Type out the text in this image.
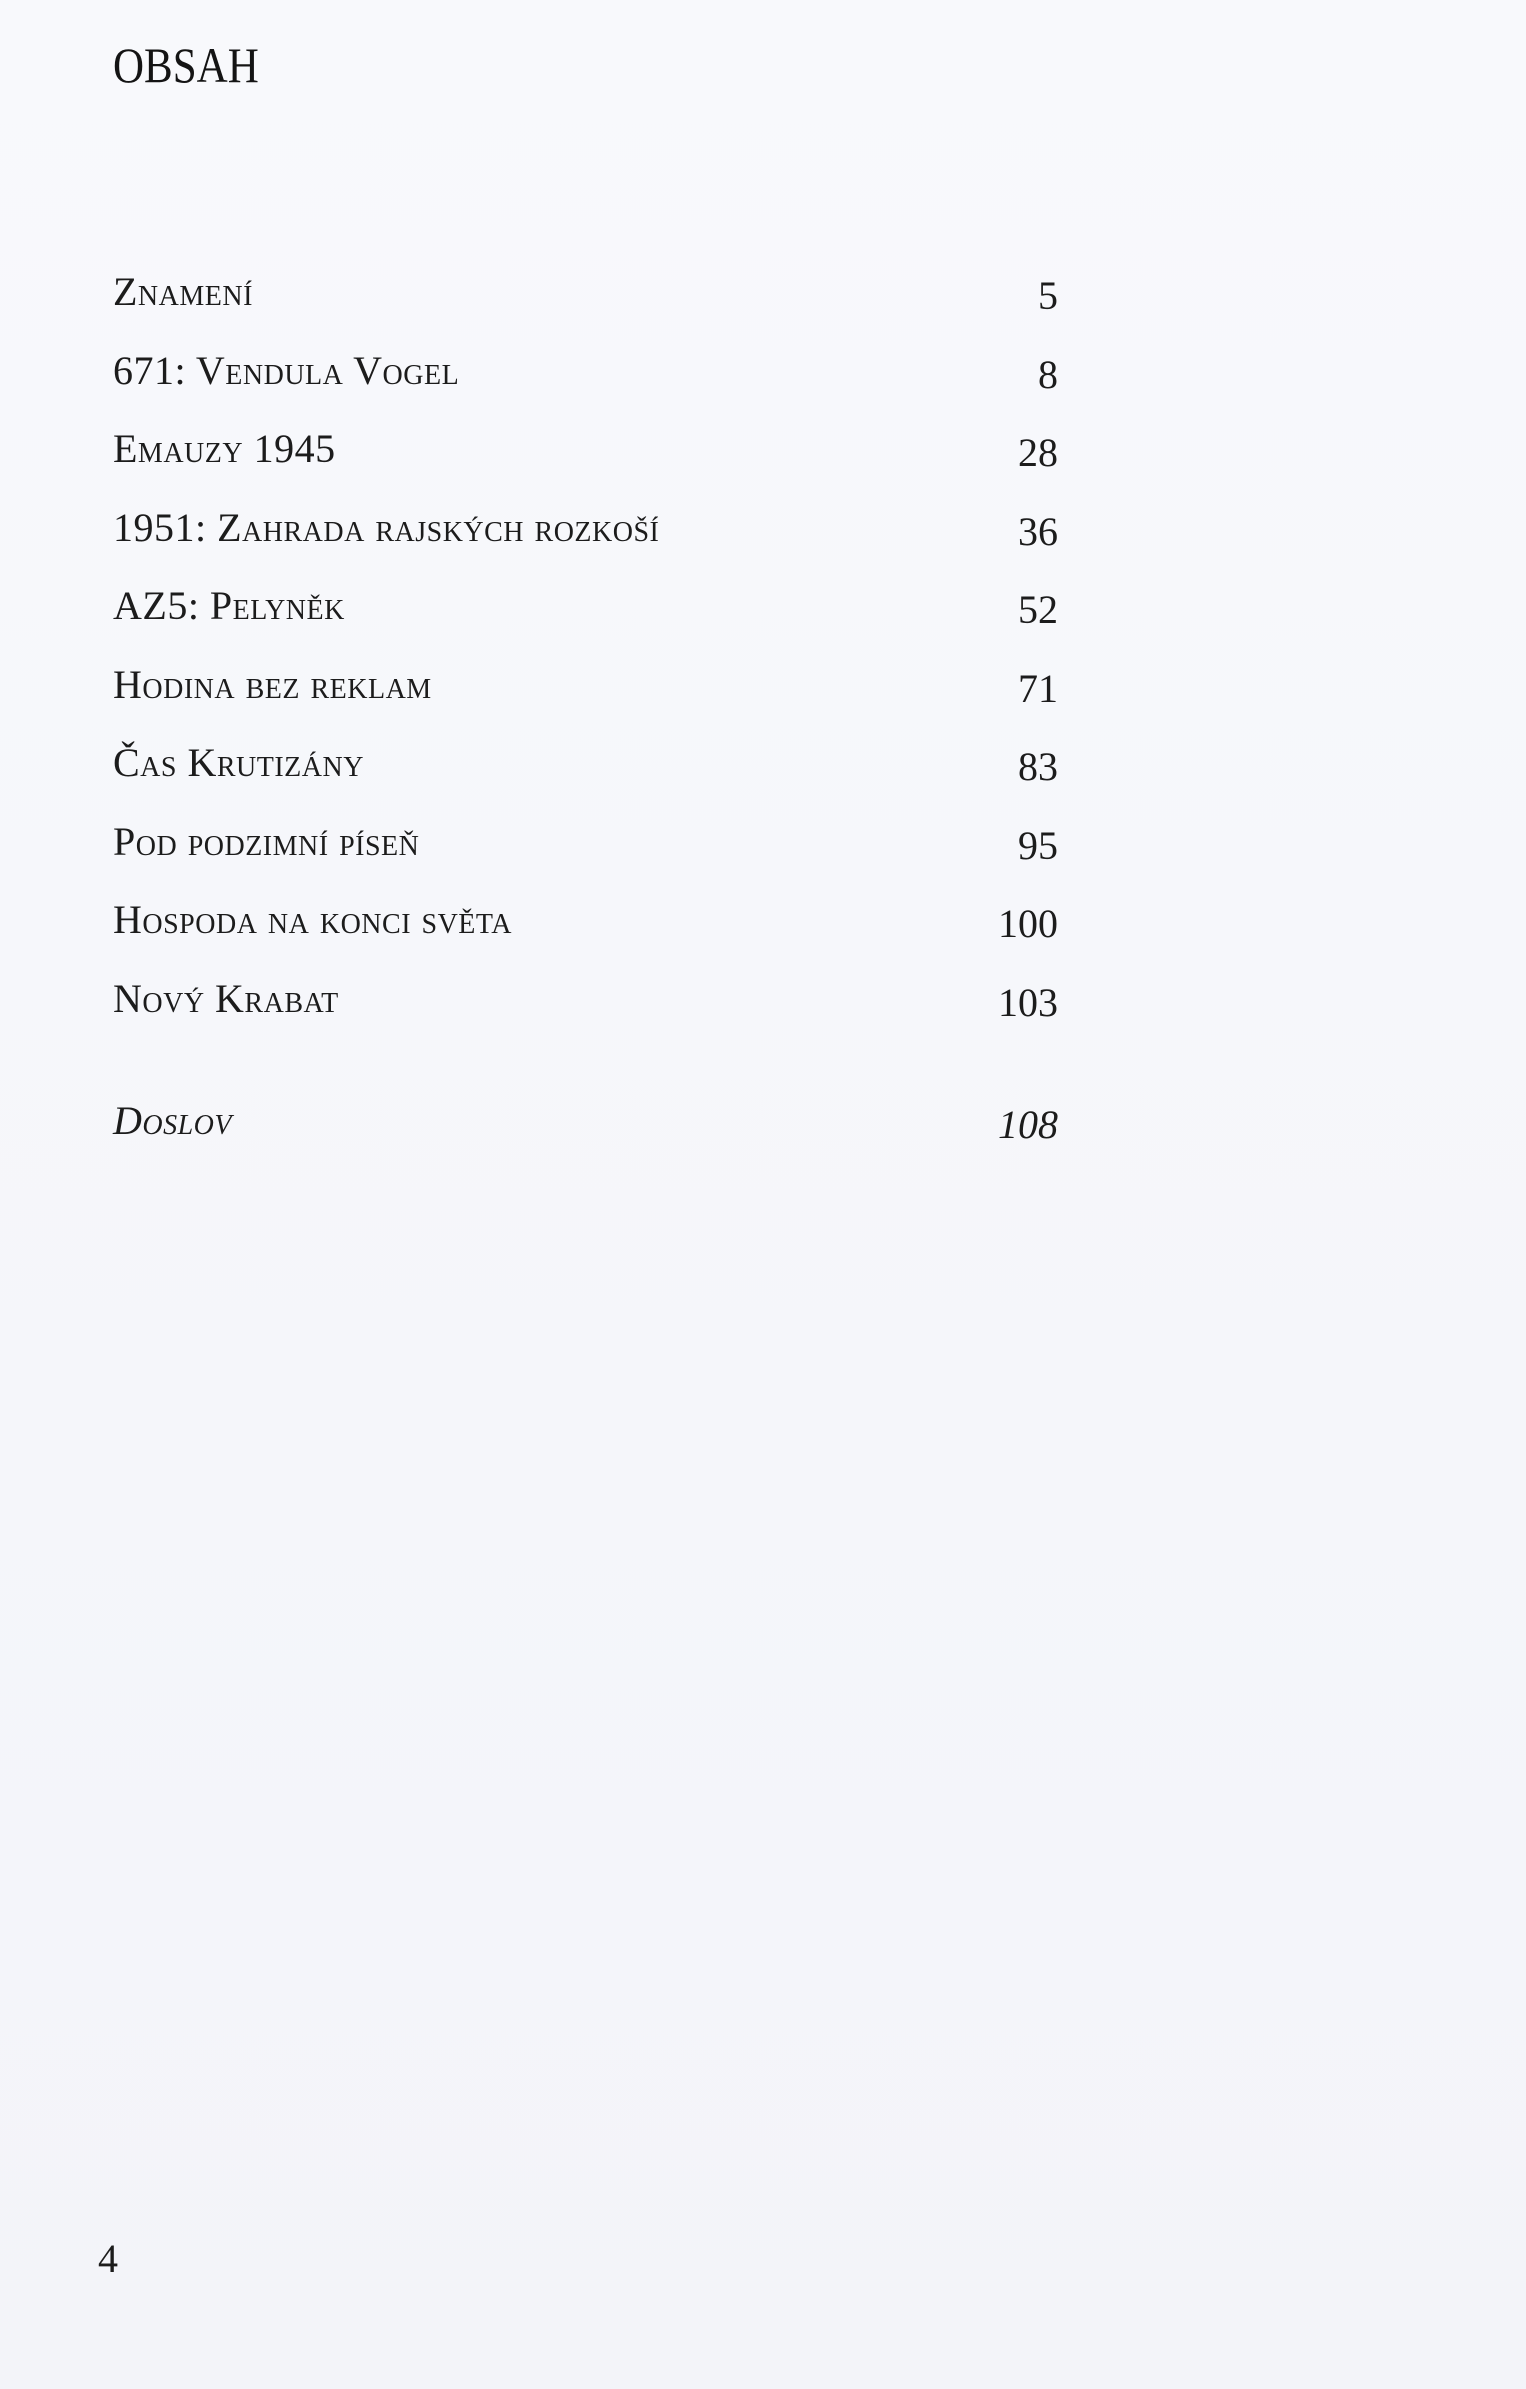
OBSAH
Znamení	5
671: Vendula Vogel	8
Emauzy 1945	28
1951: Zahrada rajských rozkoší	36
AZ5: Pelyněk	52
Hodina bez reklam	71
Čas Krutizány	83
Pod podzimní píseň	95
Hospoda na konci světa	100
Nový Krabat	103
Doslov	108
4
